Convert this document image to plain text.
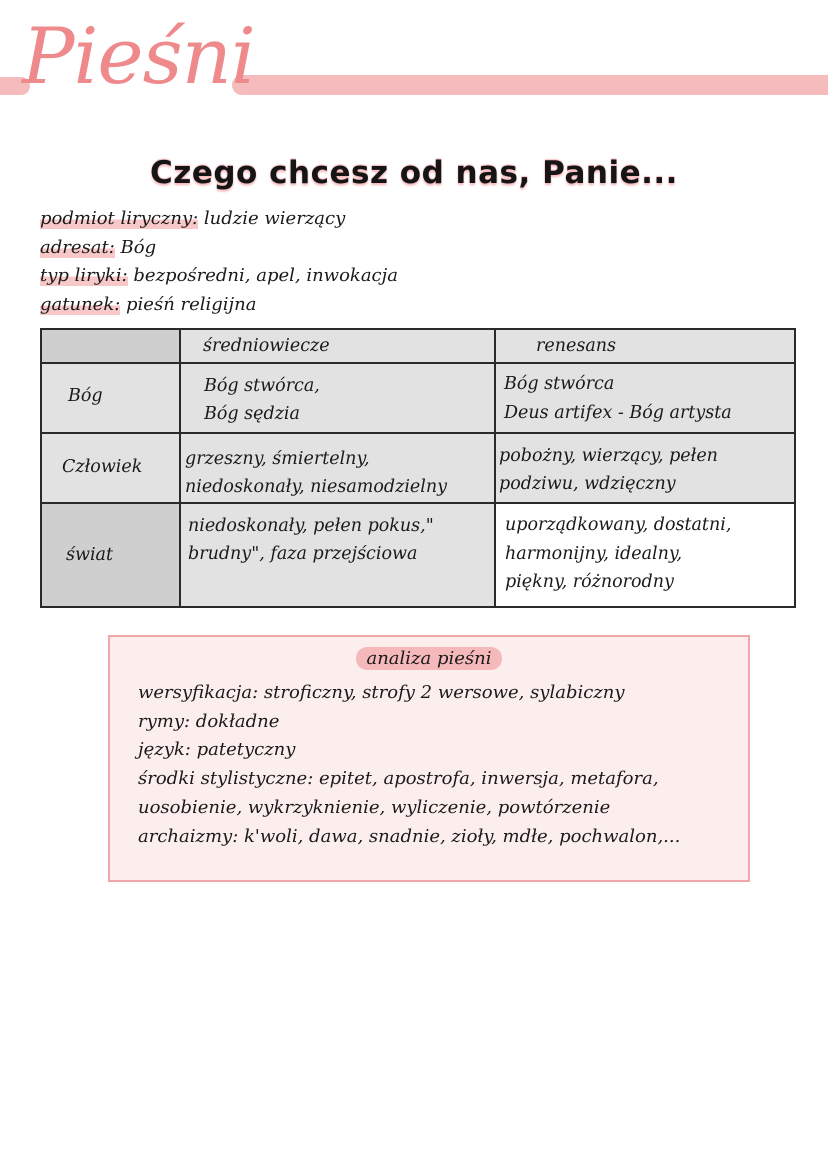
Pieśni
Czego chcesz od nas, Panie...
podmiot liryczny: ludzie wierzący
adresat: Bóg
typ liryki: bezpośredni, apel, inwokacja
gatunek: pieśń religijna
średniowiecze	renesans
Bóg	Bóg stwórca,
Bóg sędzia
Bóg stwórca
Deus artifex - Bóg artysta
Człowiek grzeszny, śmiertelny,
niedoskonały, niesamodzielny
pobożny, wierzący, pełen
podziwu, wdzięczny
świat
niedoskonały, pełen pokus,"
brudny", faza przejściowa
uporządkowany, dostatni,
harmonijny, idealny,
piękny, różnorodny
analiza pieśni
wersyfikacja: stroficzny, strofy 2 wersowe, sylabiczny
rymy: dokładne
język: patetyczny
środki stylistyczne: epitet, apostrofa, inwersja, metafora,
uosobienie, wykrzyknienie, wyliczenie, powtórzenie
archaizmy: k'woli, dawa, snadnie, zioły, mdłe, pochwalon,...
